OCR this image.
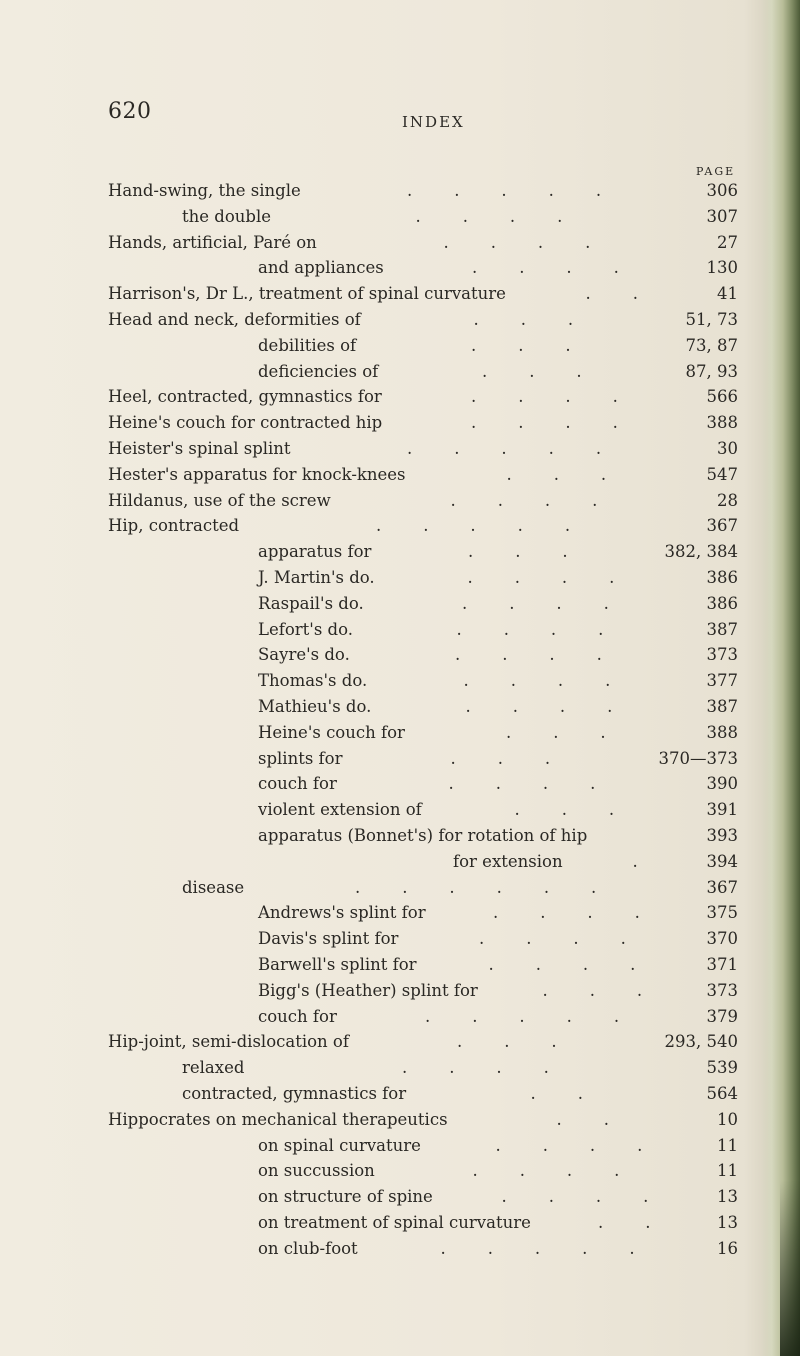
620	INDEX
PAGE
Hand-swing, the single	.        .        .        .        .	306
the double	.        .        .        .	307
Hands, artificial, Paré on	.        .        .        .	27
and appliances	.        .        .        .	130
Harrison's, Dr L., treatment of spinal curvature	.        .	41
Head and neck, deformities of	.        .        .	51, 73
debilities of	.        .        .	73, 87
deficiencies of	.        .        .	87, 93
Heel, contracted, gymnastics for	.        .        .        .	566
Heine's couch for contracted hip	.        .        .        .	388
Heister's spinal splint	.        .        .        .        .	30
Hester's apparatus for knock-knees	.        .        .	547
Hildanus, use of the screw	.        .        .        .	28
Hip, contracted	.        .        .        .        .	367
apparatus for	.        .        .	382, 384
J. Martin's do.	.        .        .        .	386
Raspail's do.	.        .        .        .	386
Lefort's do.	.        .        .        .	387
Sayre's do.	.        .        .        .	373
Thomas's do.	.        .        .        .	377
Mathieu's do.	.        .        .        .	387
Heine's couch for	.        .        .	388
splints for	.        .        .	370—373
couch for	.        .        .        .	390
violent extension of	.        .        .	391
apparatus (Bonnet's) for rotation of hip	393
for extension	.	394
disease	.        .        .        .        .        .	367
Andrews's splint for	.        .        .        .	375
Davis's splint for	.        .        .        .	370
Barwell's splint for	.        .        .        .	371
Bigg's (Heather) splint for	.        .        .	373
couch for	.        .        .        .        .	379
Hip-joint, semi-dislocation of	.        .        .	293, 540
relaxed	.        .        .        .	539
contracted, gymnastics for	.        .	564
Hippocrates on mechanical therapeutics	.        .	10
on spinal curvature	.        .        .        .	11
on succussion	.        .        .        .	11
on structure of spine	.        .        .        .	13
on treatment of spinal curvature	.        .	13
on club-foot	.        .        .        .        .	16
